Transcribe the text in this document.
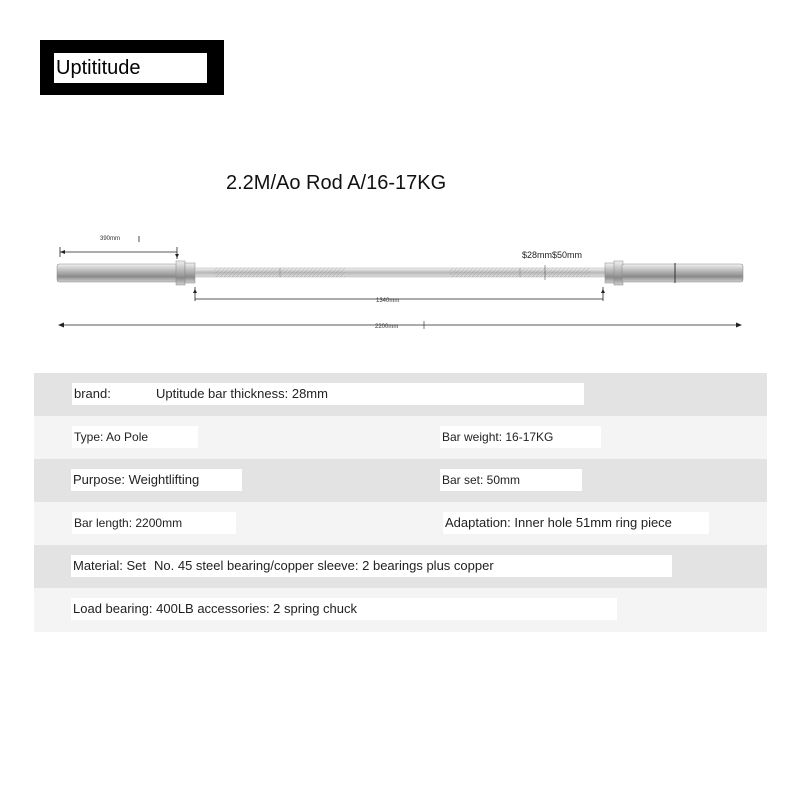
Uptititude
2.2M/Ao Rod A/16-17KG
390mm
$28mm$50mm
1340mm
2200mm
brand:	Uptitude bar thickness: 28mm
Type: Ao Pole	Bar weight: 16-17KG
Purpose: Weightlifting	Bar set: 50mm
Bar length: 2200mm	Adaptation: Inner hole 51mm ring piece
Material: Set No. 45 steel bearing/copper sleeve: 2 bearings plus copper
Load bearing: 400LB accessories: 2 spring chuck
